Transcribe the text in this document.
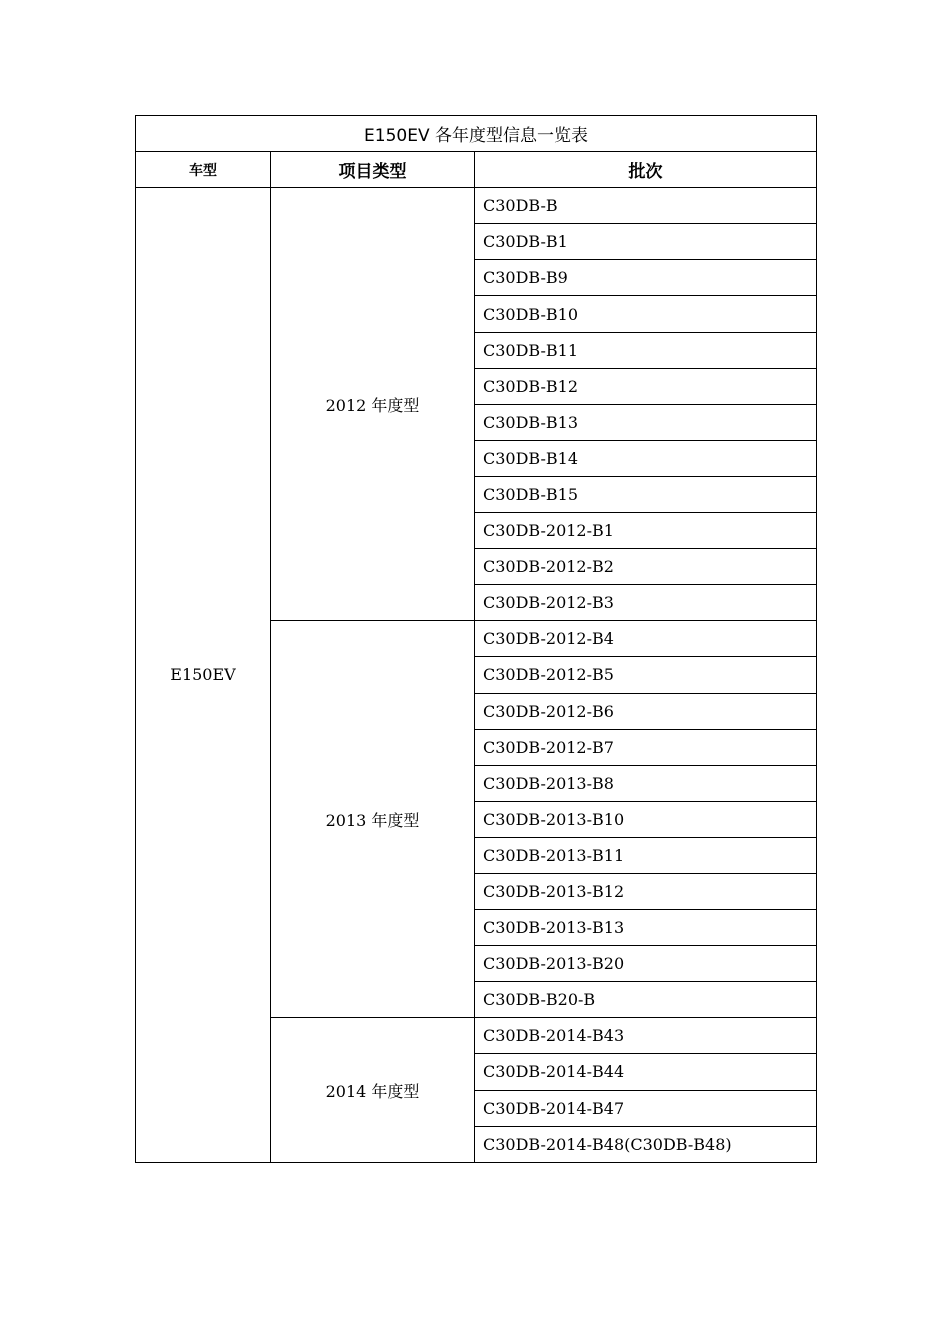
E150EV 各年度型信息一览表		
车型	项目类型	批次
E150EV	2012 年度型	C30DB-B
		C30DB-B1
		C30DB-B9
		C30DB-B10
		C30DB-B11
		C30DB-B12
		C30DB-B13
		C30DB-B14
		C30DB-B15
		C30DB-2012-B1
		C30DB-2012-B2
		C30DB-2012-B3
	2013 年度型	C30DB-2012-B4
		C30DB-2012-B5
		C30DB-2012-B6
		C30DB-2012-B7
		C30DB-2013-B8
		C30DB-2013-B10
		C30DB-2013-B11
		C30DB-2013-B12
		C30DB-2013-B13
		C30DB-2013-B20
		C30DB-B20-B
	2014 年度型	C30DB-2014-B43
		C30DB-2014-B44
		C30DB-2014-B47
		C30DB-2014-B48(C30DB-B48)
